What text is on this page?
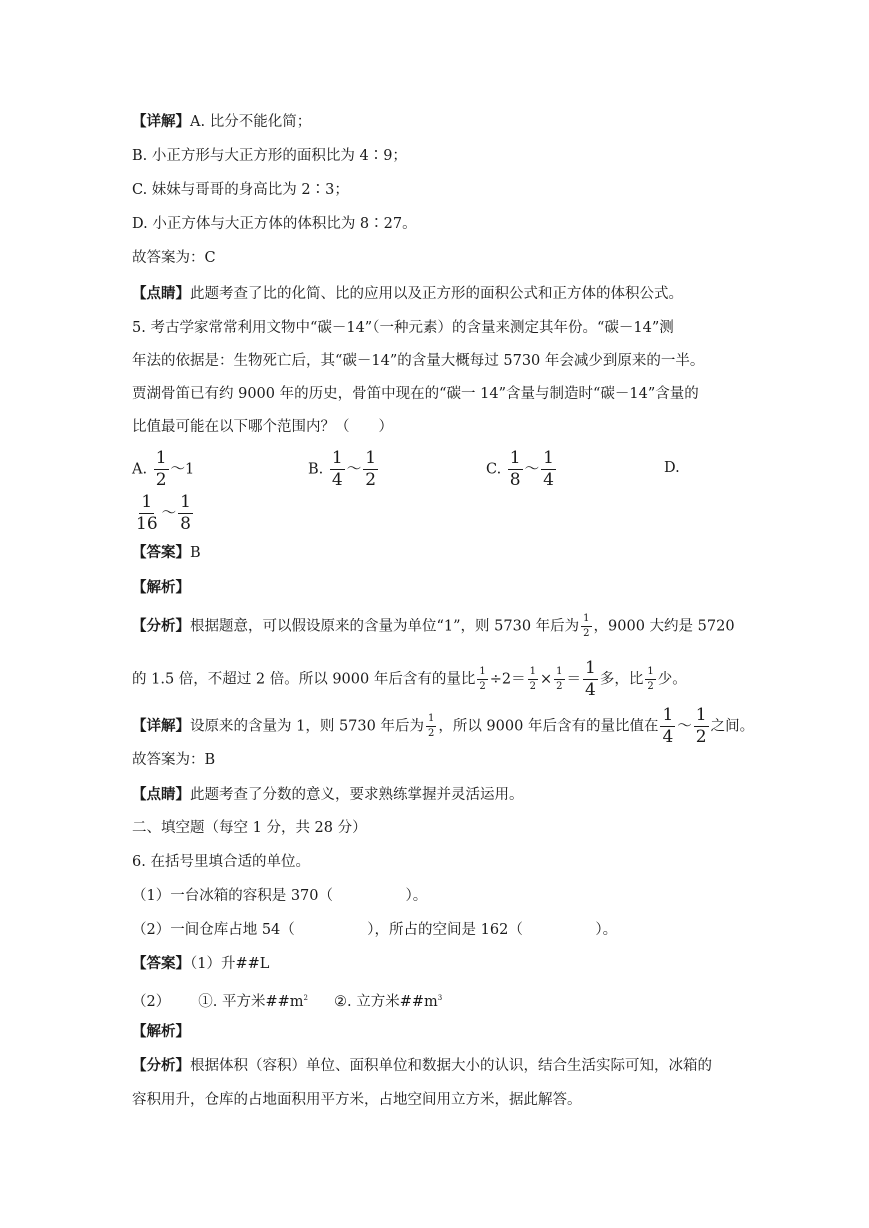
【详解】A. 比分不能化简；
B. 小正方形与大正方形的面积比为 4∶9；
C. 妹妹与哥哥的身高比为 2∶3；
D. 小正方体与大正方体的体积比为 8∶27。
故答案为：C
【点睛】此题考查了比的化简、比的应用以及正方形的面积公式和正方体的体积公式。
5. 考古学家常常利用文物中“碳－14”（一种元素）的含量来测定其年份。“碳－14”测
年法的依据是：生物死亡后，其“碳－14”的含量大概每过 5730 年会减少到原来的一半。
贾湖骨笛已有约 9000 年的历史，骨笛中现在的“碳一 14”含量与制造时“碳－14”含量的
比值最可能在以下哪个范围内？（　　）
A. $\frac{1}{2}$ ～1	B. $\frac{1}{4}$ ～ $\frac{1}{2}$	C. $\frac{1}{8}$ ～ $\frac{1}{4}$	D.
$\frac{1}{16}$ ～ $\frac{1}{8}$
【答案】B
【解析】
【分析】根据题意，可以假设原来的含量为单位“1”，则 5730 年后为 $\frac{1}{2}$ ，9000 大约是 5720
的 1.5 倍，不超过 2 倍。所以 9000 年后含有的量比 $\frac{1}{2} \div 2= \frac{1}{2} \times \frac{1}{2} = \frac{1}{4}$ 多，比 $\frac{1}{2}$ 少。
【详解】设原来的含量为 1，则 5730 年后为 $\frac{1}{2}$ ，所以 9000 年后含有的量比值在 $\frac{1}{4}$ ～ $\frac{1}{2}$ 之间。
故答案为：B
【点睛】此题考查了分数的意义，要求熟练掌握并灵活运用。
二、填空题（每空 1 分，共 28 分）
6. 在括号里填合适的单位。
（1）一台冰箱的容积是 370（　　　　　）。
（2）一间仓库占地 54（　　　　　），所占的空间是 162（　　　　　）。
【答案】（1）升##L
（2） ①. 平方米$\#\#m^2$ ②. 立方米$\#\#m^3$
【解析】
【分析】根据体积（容积）单位、面积单位和数据大小的认识，结合生活实际可知，冰箱的
容积用升，仓库的占地面积用平方米，占地空间用立方米，据此解答。
